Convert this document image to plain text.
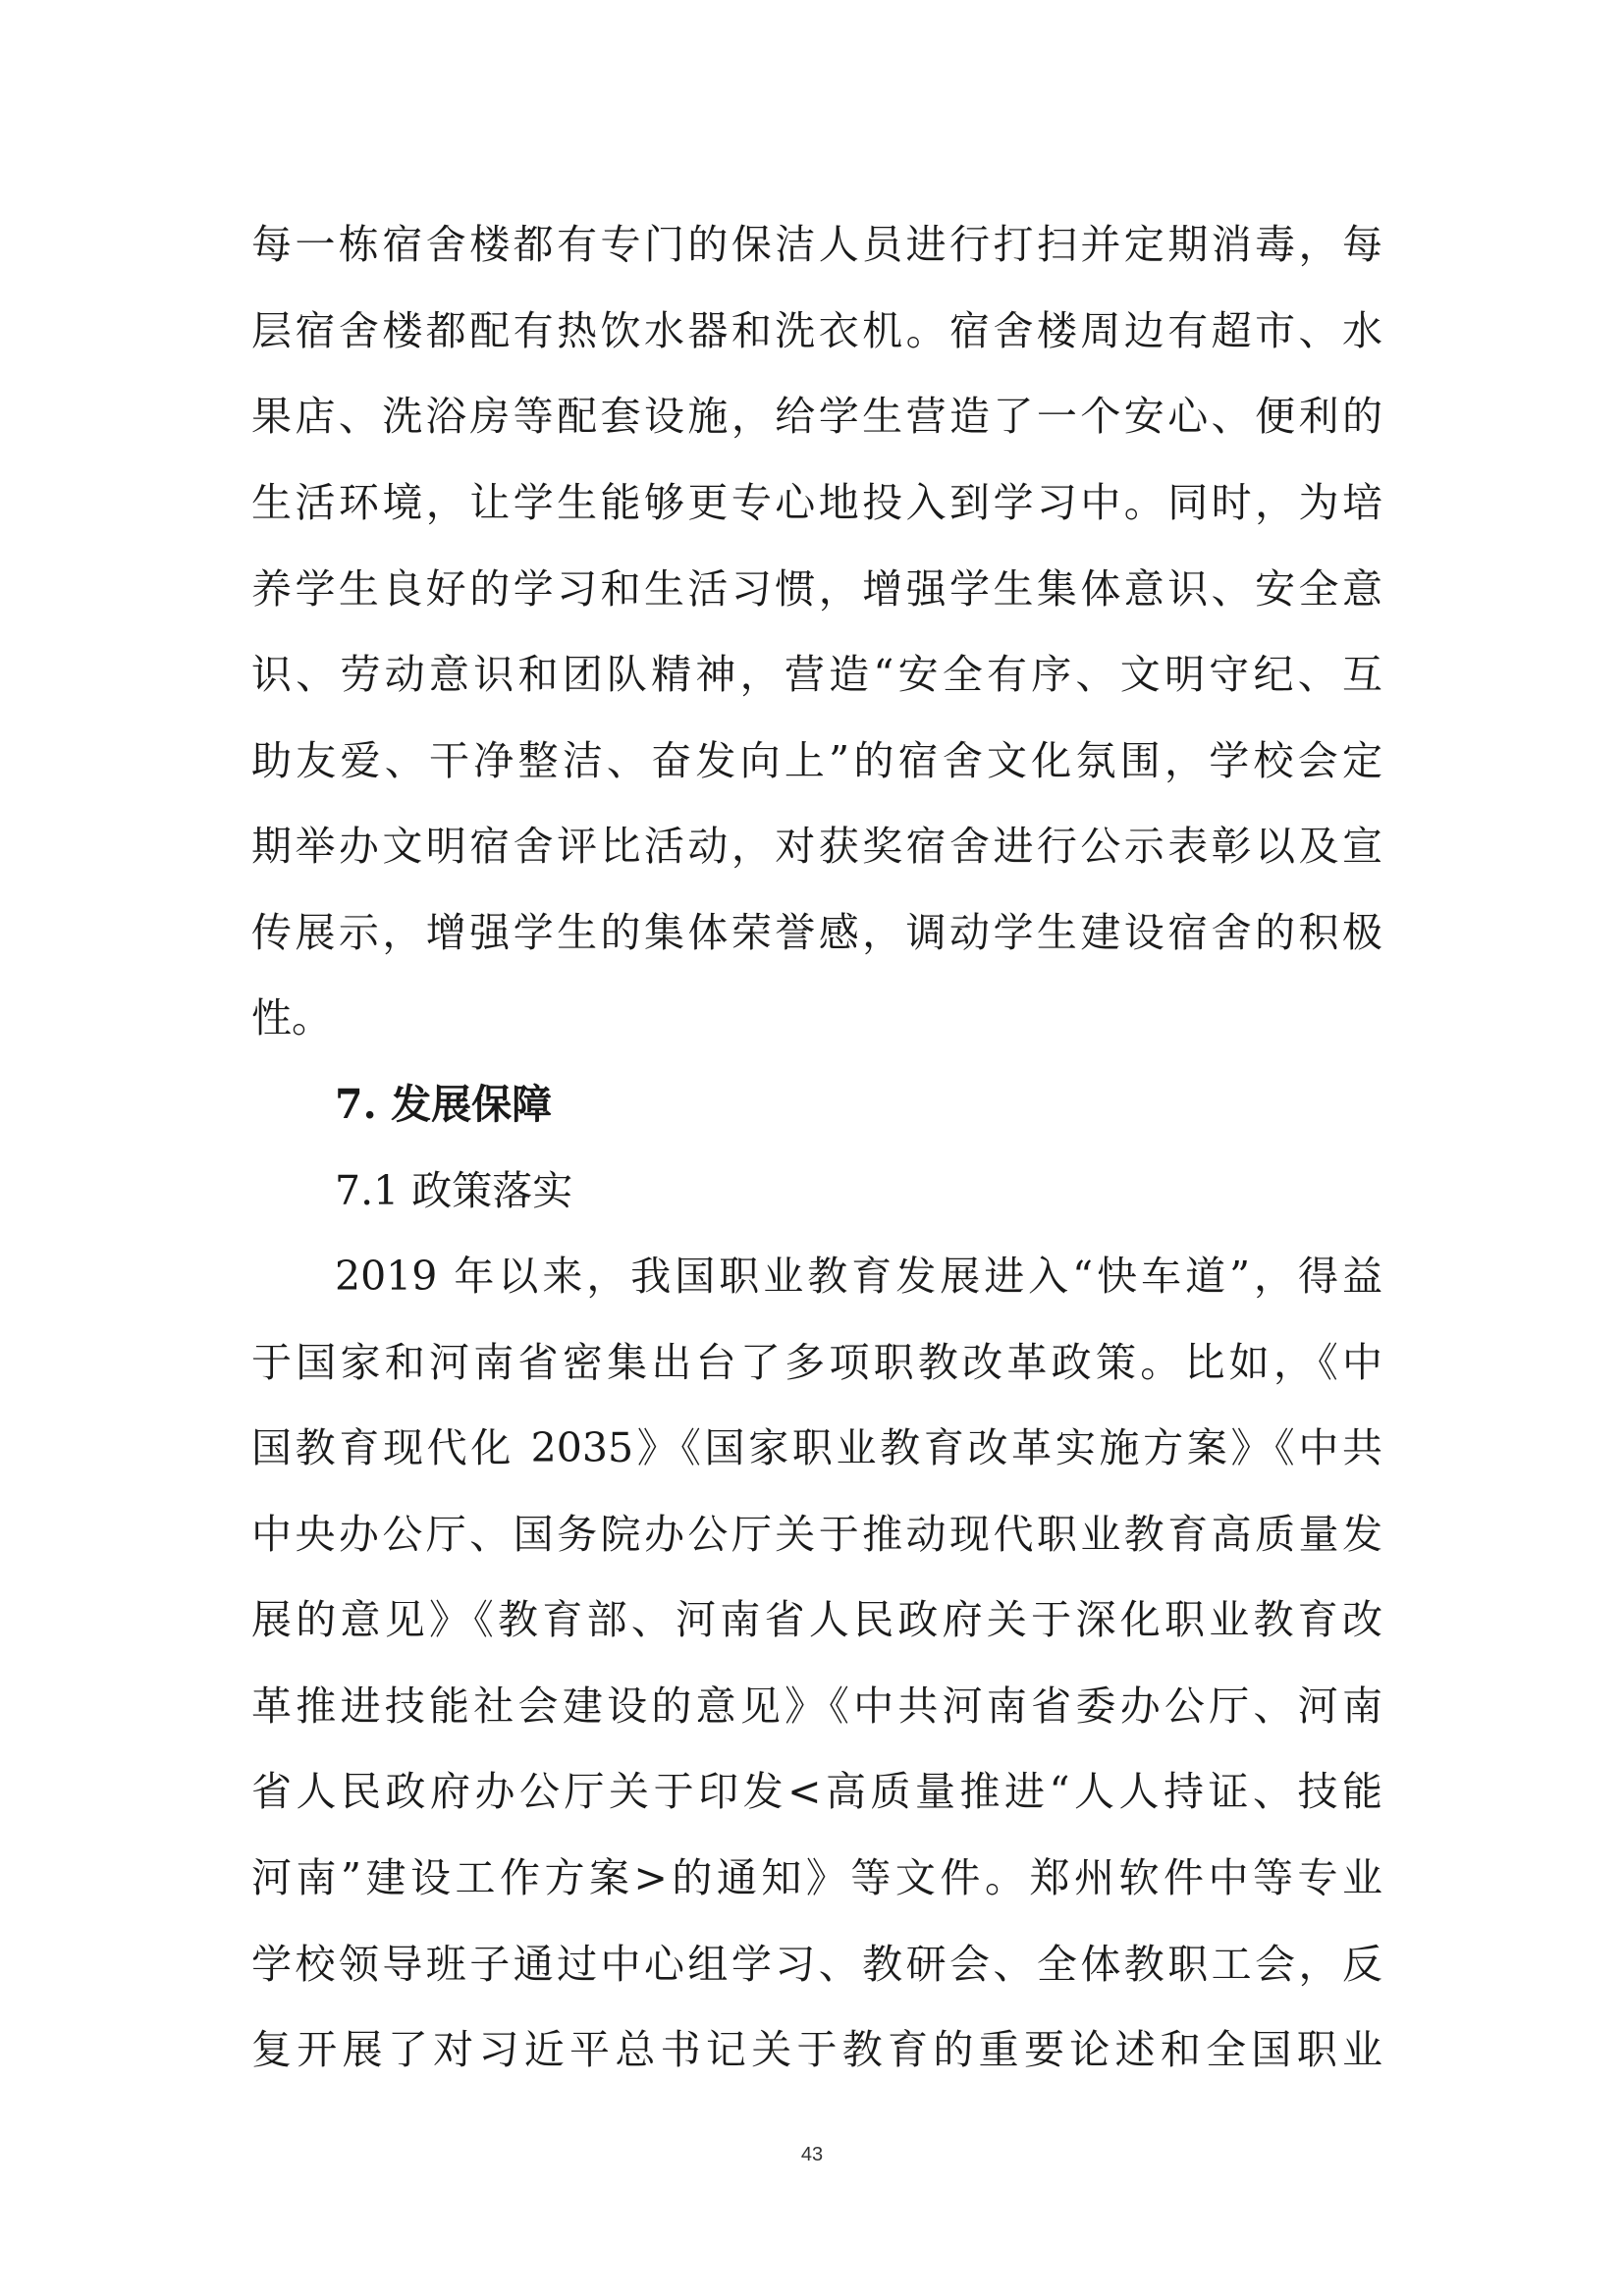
每一栋宿舍楼都有专门的保洁人员进行打扫并定期消毒，每
层宿舍楼都配有热饮水器和洗衣机。宿舍楼周边有超市、水
果店、洗浴房等配套设施，给学生营造了一个安心、便利的
生活环境，让学生能够更专心地投入到学习中。同时，为培
养学生良好的学习和生活习惯，增强学生集体意识、安全意
识、劳动意识和团队精神，营造“安全有序、文明守纪、互
助友爱、干净整洁、奋发向上”的宿舍文化氛围，学校会定
期举办文明宿舍评比活动，对获奖宿舍进行公示表彰以及宣
传展示，增强学生的集体荣誉感，调动学生建设宿舍的积极
性。
7. 发展保障
7.1 政策落实
2019 年以来，我国职业教育发展进入“快车道”，得益
于国家和河南省密集出台了多项职教改革政策。比如，《中
国教育现代化 2035》《国家职业教育改革实施方案》《中共
中央办公厅、国务院办公厅关于推动现代职业教育高质量发
展的意见》《教育部、河南省人民政府关于深化职业教育改
革推进技能社会建设的意见》《中共河南省委办公厅、河南
省人民政府办公厅关于印发<高质量推进“人人持证、技能
河南”建设工作方案>的通知》等文件。郑州软件中等专业
学校领导班子通过中心组学习、教研会、全体教职工会，反
复开展了对习近平总书记关于教育的重要论述和全国职业
43
